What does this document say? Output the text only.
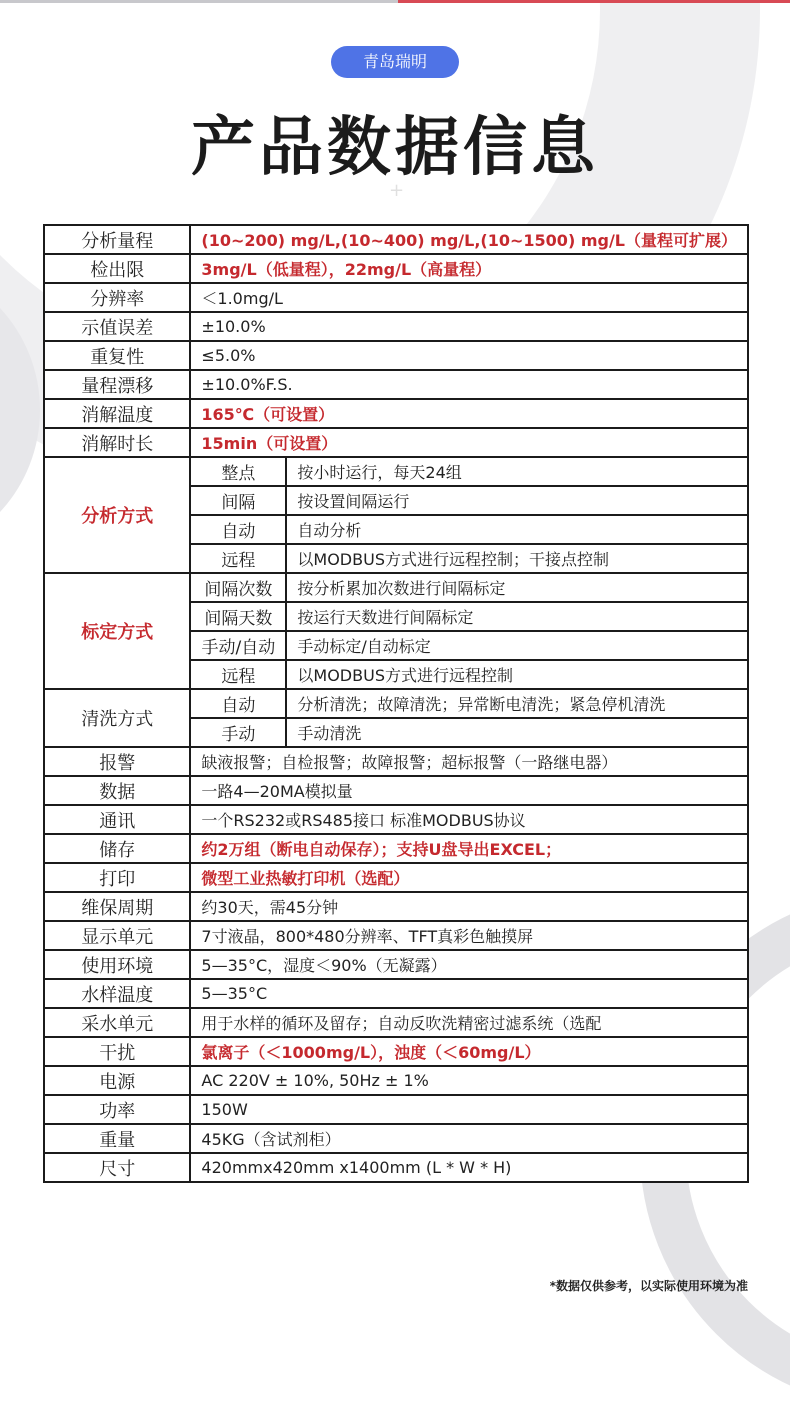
青岛瑞明
产品数据信息
+
分析量程	(10~200) mg/L,(10~400) mg/L,(10~1500) mg/L（量程可扩展）	
检出限	3mg/L（低量程），22mg/L（高量程）	
分辨率	＜1.0mg/L	
示值误差	±10.0%	
重复性	≤5.0%	
量程漂移	±10.0%F.S.	
消解温度	165℃（可设置）	
消解时长	15min（可设置）	
分析方式	整点	按小时运行，每天24组
	间隔	按设置间隔运行
	自动	自动分析
	远程	以MODBUS方式进行远程控制；干接点控制
标定方式	间隔次数	按分析累加次数进行间隔标定
	间隔天数	按运行天数进行间隔标定
	手动/自动	手动标定/自动标定
	远程	以MODBUS方式进行远程控制
清洗方式	自动	分析清洗；故障清洗；异常断电清洗；紧急停机清洗
	手动	手动清洗
报警	缺液报警；自检报警；故障报警；超标报警（一路继电器）	
数据	一路4—20MA模拟量	
通讯	一个RS232或RS485接口 标准MODBUS协议	
储存	约2万组（断电自动保存）；支持U盘导出EXCEL；	
打印	微型工业热敏打印机（选配）	
维保周期	约30天，需45分钟	
显示单元	7寸液晶，800*480分辨率、TFT真彩色触摸屏	
使用环境	5—35°C，湿度＜90%（无凝露）	
水样温度	5—35°C	
采水单元	用于水样的循环及留存；自动反吹洗精密过滤系统（选配	
干扰	氯离子（＜1000mg/L），浊度（＜60mg/L）	
电源	AC 220V ± 10%, 50Hz ± 1%	
功率	150W	
重量	45KG（含试剂柜）	
尺寸	420mmx420mm x1400mm (L * W * H)	
*数据仅供参考，以实际使用环境为准
